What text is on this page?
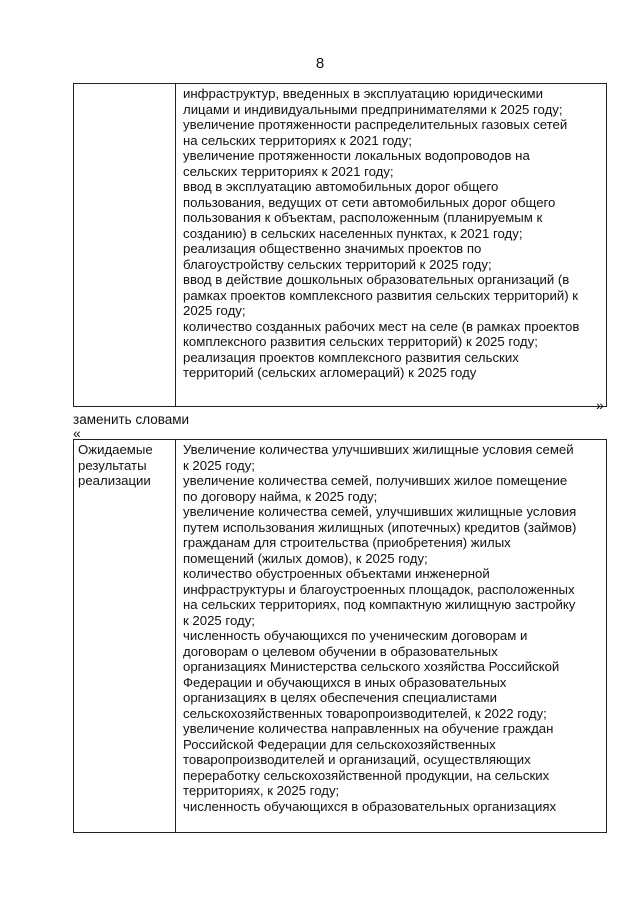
8

инфраструктур, введенных в эксплуатацию юридическими
лицами и индивидуальными предпринимателями к 2025 году;
увеличение протяженности распределительных газовых сетей
на сельских территориях к 2021 году;
увеличение протяженности локальных водопроводов на
сельских территориях к 2021 году;
ввод в эксплуатацию автомобильных дорог общего
пользования, ведущих от сети автомобильных дорог общего
пользования к объектам, расположенным (планируемым к
созданию) в сельских населенных пунктах, к 2021 году;
реализация общественно значимых проектов по
благоустройству сельских территорий к 2025 году;
ввод в действие дошкольных образовательных организаций (в
рамках проектов комплексного развития сельских территорий) к
2025 году;
количество созданных рабочих мест на селе (в рамках проектов
комплексного развития сельских территорий) к 2025 году;
реализация проектов комплексного развития сельских
территорий (сельских агломераций) к 2025 году
»
заменить словами
«
Ожидаемые
результаты
реализации

Увеличение количества улучшивших жилищные условия семей
к 2025 году;
увеличение количества семей, получивших жилое помещение
по договору найма, к 2025 году;
увеличение количества семей, улучшивших жилищные условия
путем использования жилищных (ипотечных) кредитов (займов)
гражданам для строительства (приобретения) жилых
помещений (жилых домов), к 2025 году;
количество обустроенных объектами инженерной
инфраструктуры и благоустроенных площадок, расположенных
на сельских территориях, под компактную жилищную застройку
к 2025 году;
численность обучающихся по ученическим договорам и
договорам о целевом обучении в образовательных
организациях Министерства сельского хозяйства Российской
Федерации и обучающихся в иных образовательных
организациях в целях обеспечения специалистами
сельскохозяйственных товаропроизводителей, к 2022 году;
увеличение количества направленных на обучение граждан
Российской Федерации для сельскохозяйственных
товаропроизводителей и организаций, осуществляющих
переработку сельскохозяйственной продукции, на сельских
территориях, к 2025 году;
численность обучающихся в образовательных организациях
